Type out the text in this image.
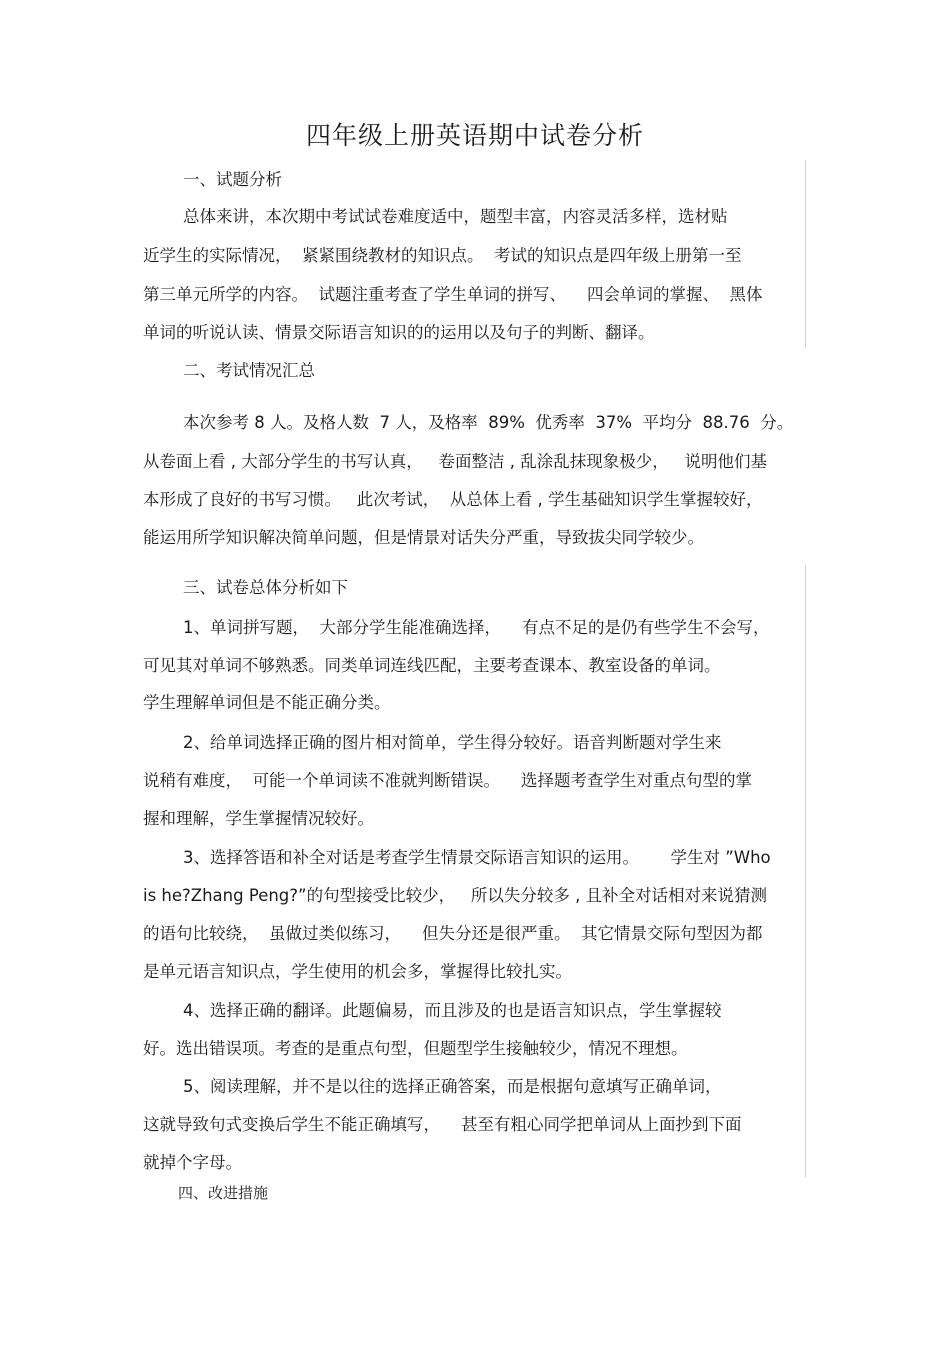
四年级上册英语期中试卷分析
一、试题分析
总体来讲，本次期中考试试卷难度适中，题型丰富，内容灵活多样，选材贴
近学生的实际情况，  紧紧围绕教材的知识点。  考试的知识点是四年级上册第一至
第三单元所学的内容。  试题注重考查了学生单词的拼写、    四会单词的掌握、  黑体
单词的听说认读、情景交际语言知识的的运用以及句子的判断、翻译。
二、考试情况汇总
本次参考 8 人。及格人数  7 人，及格率  89%  优秀率  37%  平均分  88.76  分。
从卷面上看 , 大部分学生的书写认真，   卷面整洁 , 乱涂乱抹现象极少，   说明他们基
本形成了良好的书写习惯。   此次考试，  从总体上看 , 学生基础知识学生掌握较好，
能运用所学知识解决简单问题，但是情景对话失分严重，导致拔尖同学较少。
三、试卷总体分析如下
1、单词拼写题，  大部分学生能准确选择，    有点不足的是仍有些学生不会写，
可见其对单词不够熟悉。同类单词连线匹配，主要考查课本、教室设备的单词。
学生理解单词但是不能正确分类。
2、给单词选择正确的图片相对简单，学生得分较好。语音判断题对学生来
说稍有难度，  可能一个单词读不准就判断错误。    选择题考查学生对重点句型的掌
握和理解，学生掌握情况较好。
3、选择答语和补全对话是考查学生情景交际语言知识的运用。      学生对 ”Who
is he?Zhang Peng?”的句型接受比较少，   所以失分较多 , 且补全对话相对来说猜测
的语句比较绕，  虽做过类似练习，    但失分还是很严重。  其它情景交际句型因为都
是单元语言知识点，学生使用的机会多，掌握得比较扎实。
4、选择正确的翻译。此题偏易，而且涉及的也是语言知识点，学生掌握较
好。选出错误项。考查的是重点句型，但题型学生接触较少，情况不理想。
5、阅读理解，并不是以往的选择正确答案，而是根据句意填写正确单词，
这就导致句式变换后学生不能正确填写，    甚至有粗心同学把单词从上面抄到下面
就掉个字母。
四、改进措施
